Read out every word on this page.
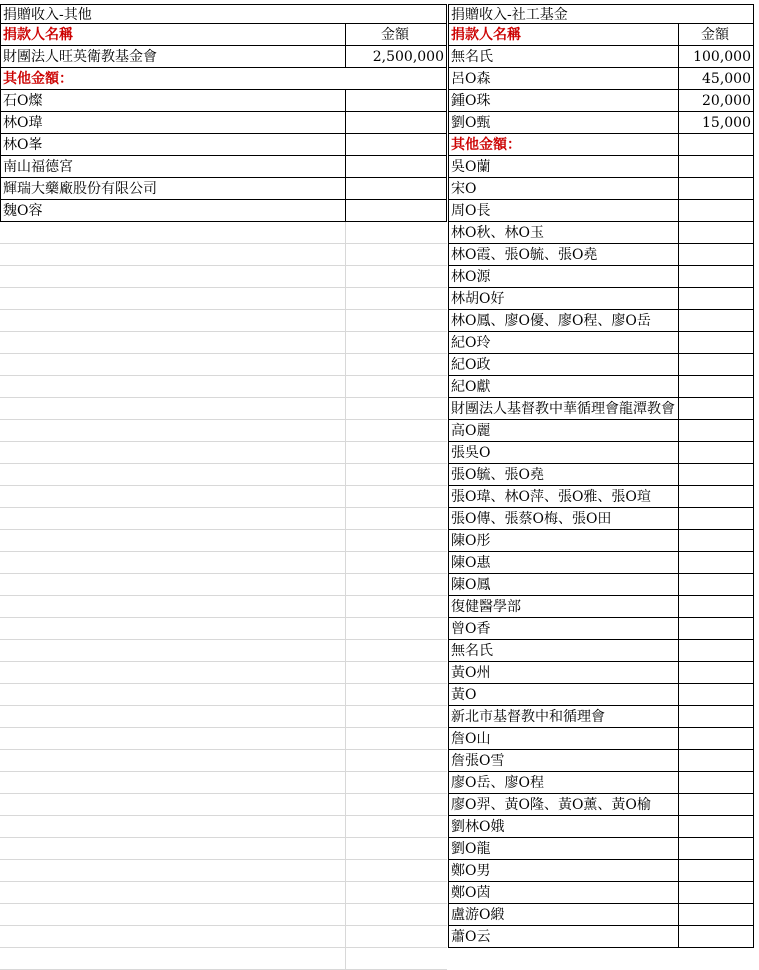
捐贈收入-其他	捐贈收入-社工基金
捐款人名稱	金額
財團法人旺英衛教基金會	2,500,000
其他金額：
石O燦
林O瑋
林O峯
南山福德宮
輝瑞大藥廠股份有限公司
魏O容
捐款人名稱	金額
無名氏	100,000
呂O森	45,000
鍾O珠	20,000
劉O甄	15,000
其他金額：
吳O蘭
宋O
周O長
林O秋、林O玉
林O霞、張O毓、張O堯
林O源
林胡O好
林O鳳、廖O優、廖O程、廖O岳
紀O玲
紀O政
紀O獻
財團法人基督教中華循理會龍潭教會
高O麗
張吳O
張O毓、張O堯
張O瑋、林O萍、張O雅、張O瑄
張O傳、張蔡O梅、張O田
陳O彤
陳O惠
陳O鳳
復健醫學部
曾O香
無名氏
黃O州
黃O
新北市基督教中和循理會
詹O山
詹張O雪
廖O岳、廖O程
廖O羿、黃O隆、黃O薰、黃O榆
劉林O娥
劉O龍
鄭O男
鄭O茵
盧游O緞
蕭O云
